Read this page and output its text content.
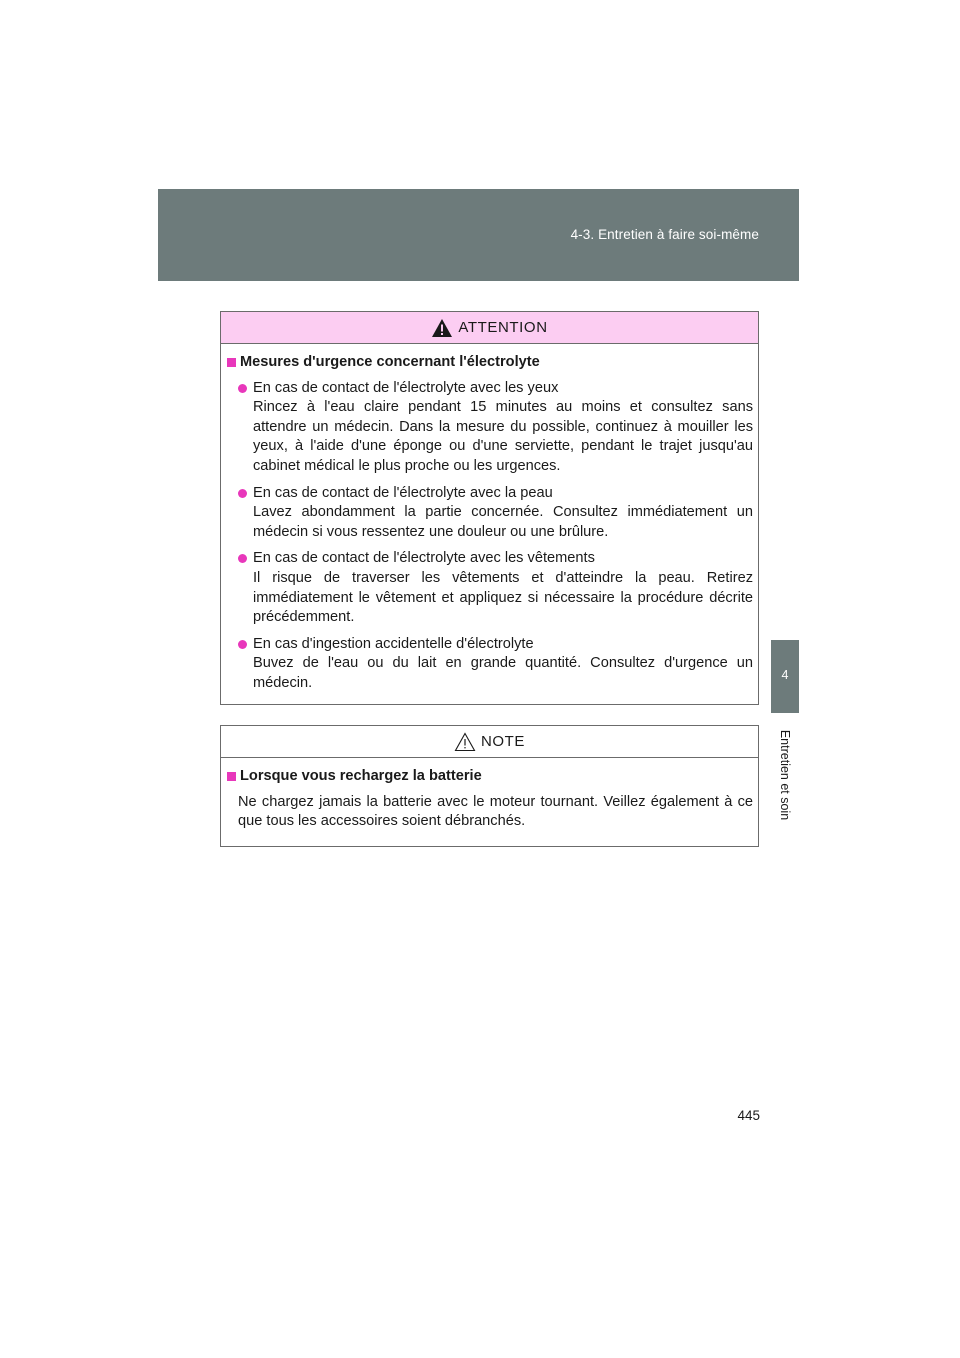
4-3. Entretien à faire soi-même
4
Entretien et soin
ATTENTION
Mesures d'urgence concernant l'électrolyte
En cas de contact de l'électrolyte avec les yeux
Rincez à l'eau claire pendant 15 minutes au moins et consultez sans attendre un médecin. Dans la mesure du possible, continuez à mouiller les yeux, à l'aide d'une éponge ou d'une serviette, pendant le trajet jusqu'au cabinet médical le plus proche ou les urgences.
En cas de contact de l'électrolyte avec la peau
Lavez abondamment la partie concernée. Consultez immédiatement un médecin si vous ressentez une douleur ou une brûlure.
En cas de contact de l'électrolyte avec les vêtements
Il risque de traverser les vêtements et d'atteindre la peau. Retirez immédiatement le vêtement et appliquez si nécessaire la procédure décrite précédemment.
En cas d'ingestion accidentelle d'électrolyte
Buvez de l'eau ou du lait en grande quantité. Consultez d'urgence un médecin.
NOTE
Lorsque vous rechargez la batterie
Ne chargez jamais la batterie avec le moteur tournant. Veillez également à ce que tous les accessoires soient débranchés.
445
